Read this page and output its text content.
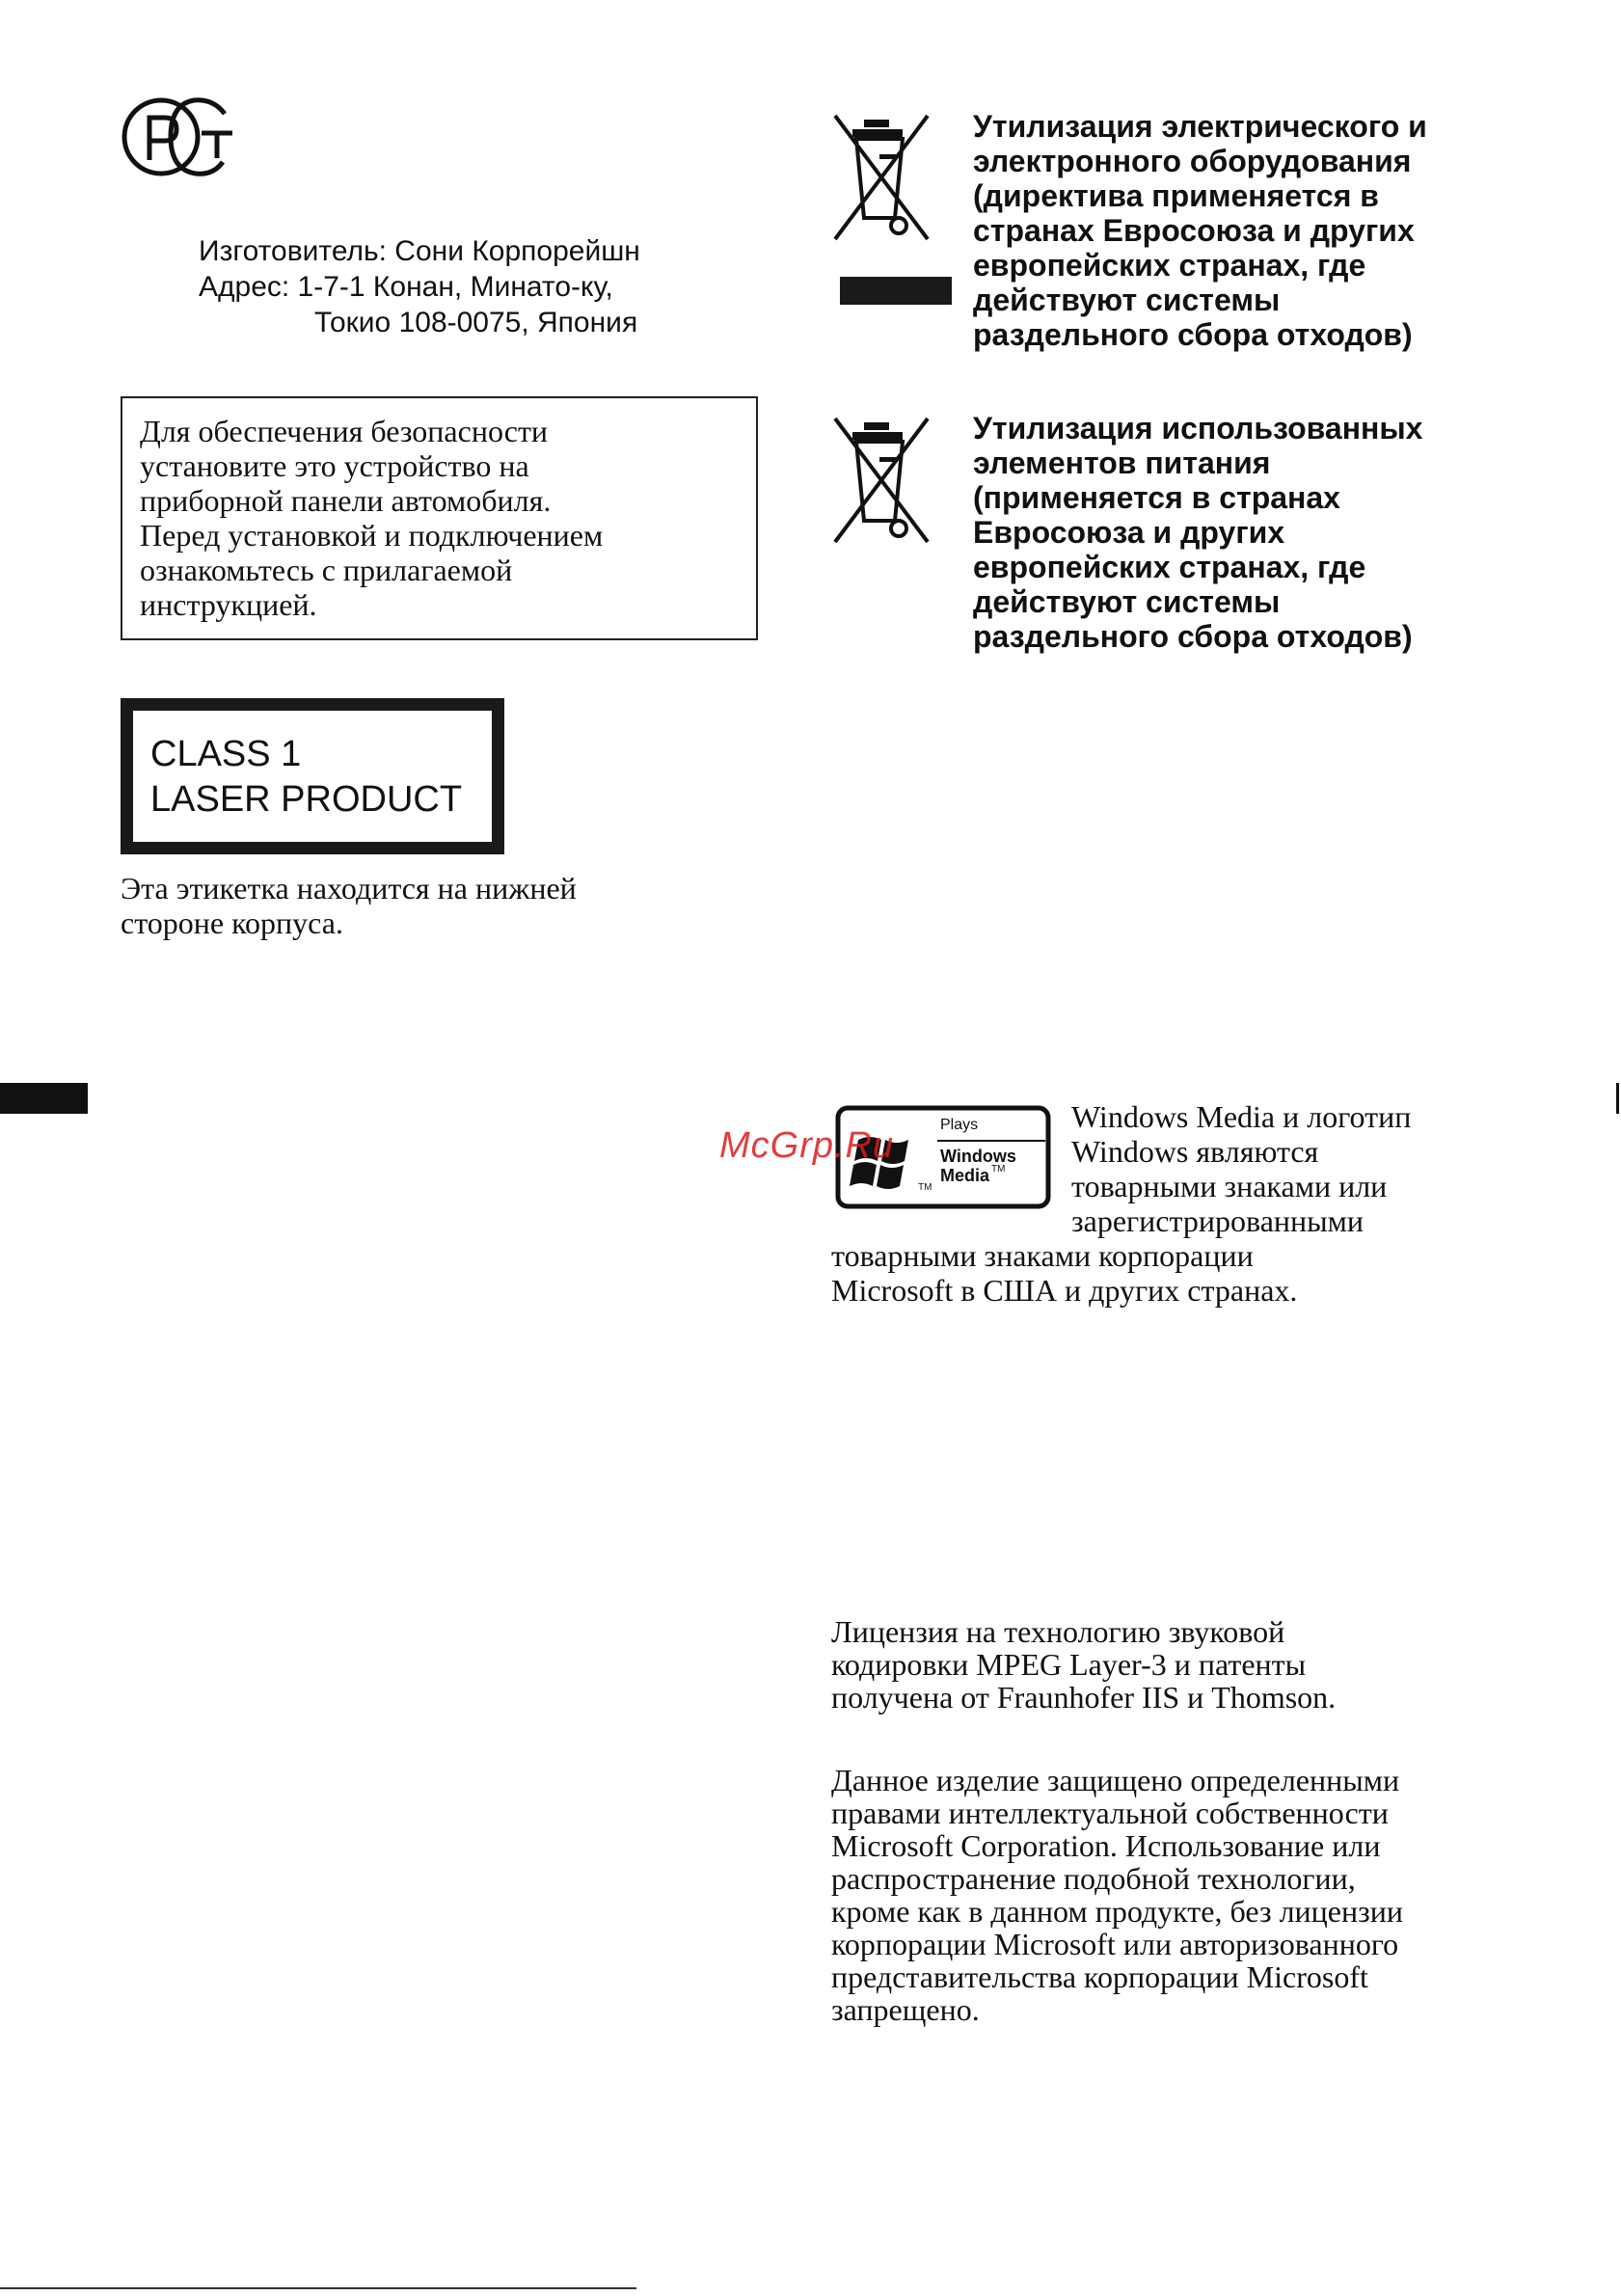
Изготовитель: Сони Корпорейшн
Адрес: 1-7-1 Конан, Минато-ку,
Токио 108-0075, Япония
Для обеспечения безопасности
установите это устройство на
приборной панели автомобиля.
Перед установкой и подключением
ознакомьтесь с прилагаемой
инструкцией.
CLASS 1
LASER PRODUCT
Эта этикетка находится на нижней
стороне корпуса.
Утилизация электрического и
электронного оборудования
(директива применяется в
странах Евросоюза и других
европейских странах, где
действуют системы
раздельного сбора отходов)
Утилизация использованных
элементов питания
(применяется в странах
Евросоюза и других
европейских странах, где
действуют системы
раздельного сбора отходов)
Plays
Windows
Media TM
TM
McGrp.Ru
Windows Media и логотип
Windows являются
товарными знаками или
зарегистрированными
товарными знаками корпорации
Microsoft в США и других странах.
Лицензия на технологию звуковой
кодировки MPEG Layer-3 и патенты
получена от Fraunhofer IIS и Thomson.
Данное изделие защищено определенными
правами интеллектуальной собственности
Microsoft Corporation. Использование или
распространение подобной технологии,
кроме как в данном продукте, без лицензии
корпорации Microsoft или авторизованного
представительства корпорации Microsoft
запрещено.
